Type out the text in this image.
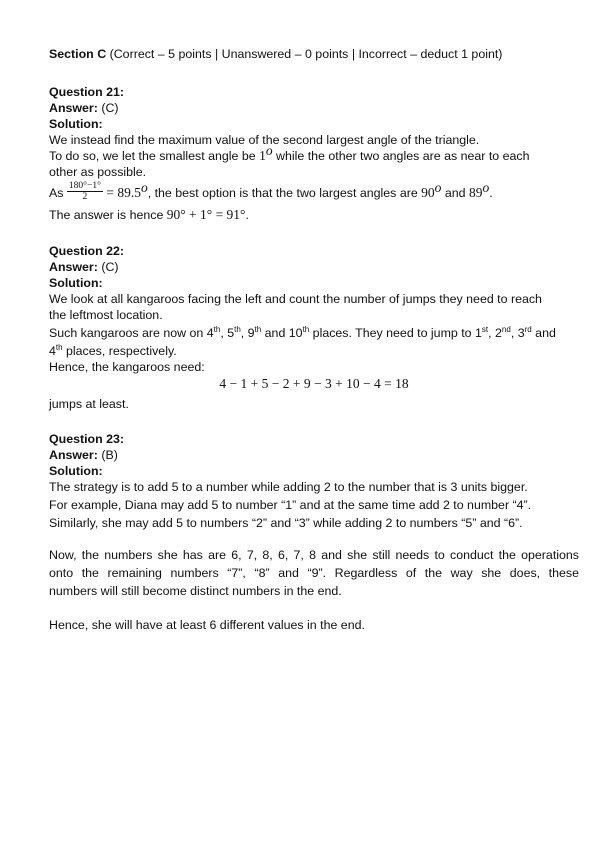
Section C (Correct – 5 points | Unanswered – 0 points | Incorrect – deduct 1 point)
Question 21:
Answer: (C)
Solution:
We instead find the maximum value of the second largest angle of the triangle.
To do so, we let the smallest angle be 1$^o$ while the other two angles are as near to each
other as possible.
As $\frac{180^\circ-1^\circ}{2} = 89.5^o$, the best option is that the two largest angles are 90$^o$ and 89$^o$.
The answer is hence 90° + 1° = 91°.
Question 22:
Answer: (C)
Solution:
We look at all kangaroos facing the left and count the number of jumps they need to reach
the leftmost location.
Such kangaroos are now on 4th, 5th, 9th and 10th places. They need to jump to 1st, 2nd, 3rd and
4th places, respectively.
Hence, the kangaroos need:
4 − 1 + 5 − 2 + 9 − 3 + 10 − 4 = 18
jumps at least.
Question 23:
Answer: (B)
Solution:
The strategy is to add 5 to a number while adding 2 to the number that is 3 units bigger.
For example, Diana may add 5 to number “1” and at the same time add 2 to number “4”.
Similarly, she may add 5 to numbers “2” and “3” while adding 2 to numbers “5” and “6”.
Now, the numbers she has are 6, 7, 8, 6, 7, 8 and she still needs to conduct the operations
onto the remaining numbers “7”, “8” and “9”. Regardless of the way she does, these
numbers will still become distinct numbers in the end.
Hence, she will have at least 6 different values in the end.
